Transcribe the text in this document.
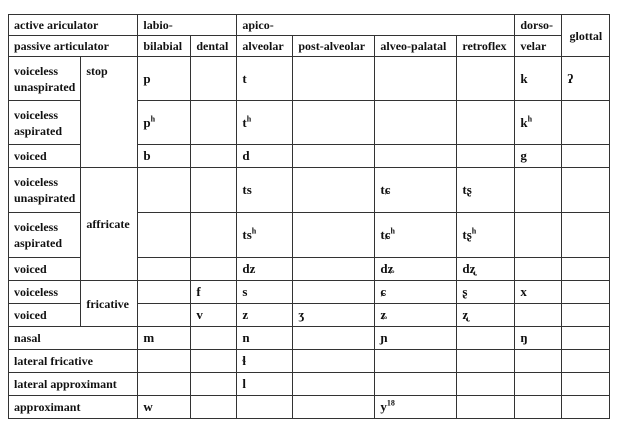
active ariculator		labio-		apico-				dorso-	glottal
passive articulator		bilabial	dental	alveolar	post-alveolar	alveo-palatal	retroflex	velar	
voiceless
unaspirated	stop	p		t				k	ʔ
voiceless
aspirated		$p^h$		$t^h$				$k^h$	
voiced		b		d				g	
voiceless
unaspirated	affricate			ts		tɕ	tʂ		
voiceless
aspirated				$ts^h$		tɕ$^h$	tʂ$^h$		
voiced				dz		dʑ	dʐ		
voiceless	fricative		f	s		ɕ	ʂ	x	
voiced			v	z	ʒ	ʑ	ʐ		
nasal		m		n		ɲ		ŋ	
lateral fricative				ɬ					
lateral approximant				l					
approximant		w				$y^{18}$			
